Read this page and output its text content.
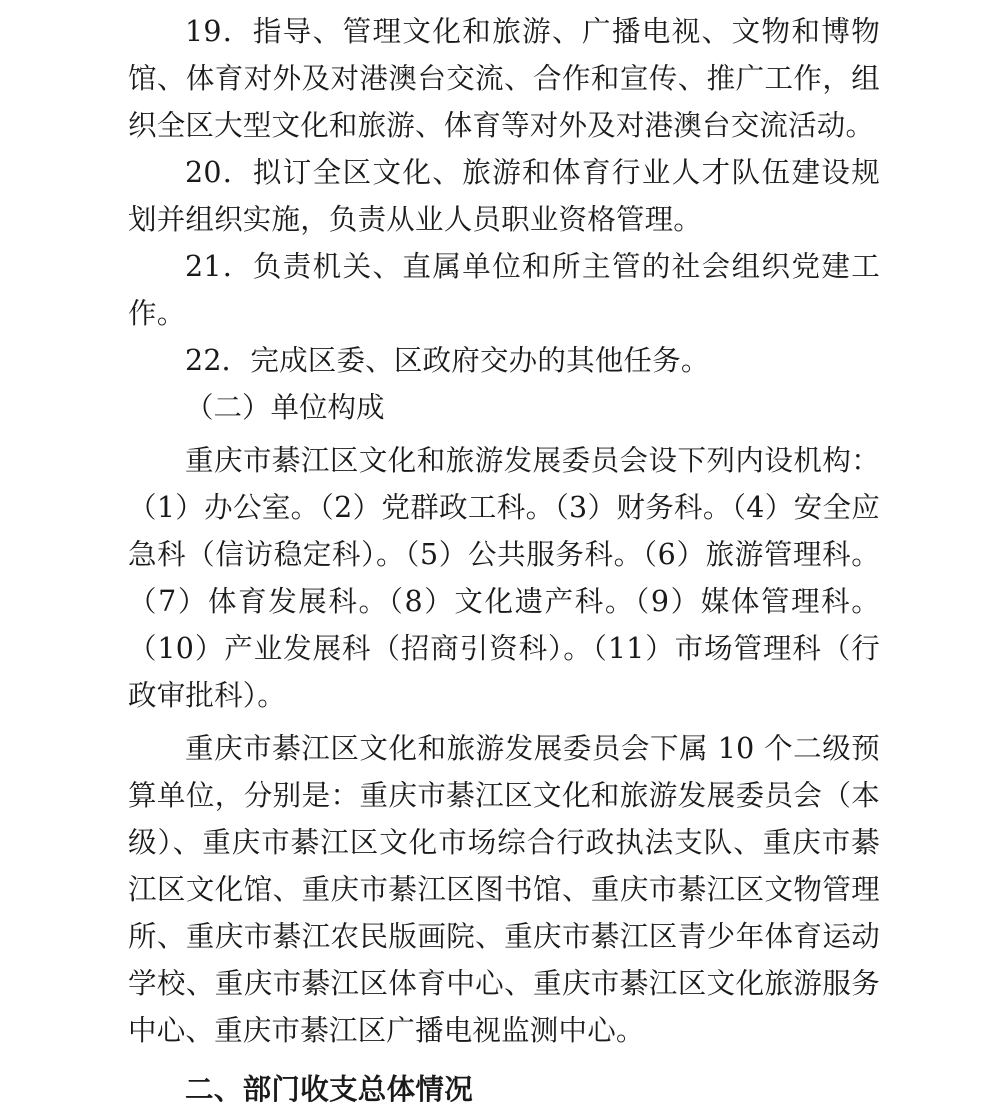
19．指导、管理文化和旅游、广播电视、文物和博物馆、体育对外及对港澳台交流、合作和宣传、推广工作，组织全区大型文化和旅游、体育等对外及对港澳台交流活动。

20．拟订全区文化、旅游和体育行业人才队伍建设规划并组织实施，负责从业人员职业资格管理。

21．负责机关、直属单位和所主管的社会组织党建工作。

22．完成区委、区政府交办的其他任务。

（二）单位构成

重庆市綦江区文化和旅游发展委员会设下列内设机构：（1）办公室。（2）党群政工科。（3）财务科。（4）安全应急科（信访稳定科）。（5）公共服务科。（6）旅游管理科。（7）体育发展科。（8）文化遗产科。（9）媒体管理科。（10）产业发展科（招商引资科）。（11）市场管理科（行政审批科）。

重庆市綦江区文化和旅游发展委员会下属 10 个二级预算单位，分别是：重庆市綦江区文化和旅游发展委员会（本级）、重庆市綦江区文化市场综合行政执法支队、重庆市綦江区文化馆、重庆市綦江区图书馆、重庆市綦江区文物管理所、重庆市綦江农民版画院、重庆市綦江区青少年体育运动学校、重庆市綦江区体育中心、重庆市綦江区文化旅游服务中心、重庆市綦江区广播电视监测中心。

二、部门收支总体情况
